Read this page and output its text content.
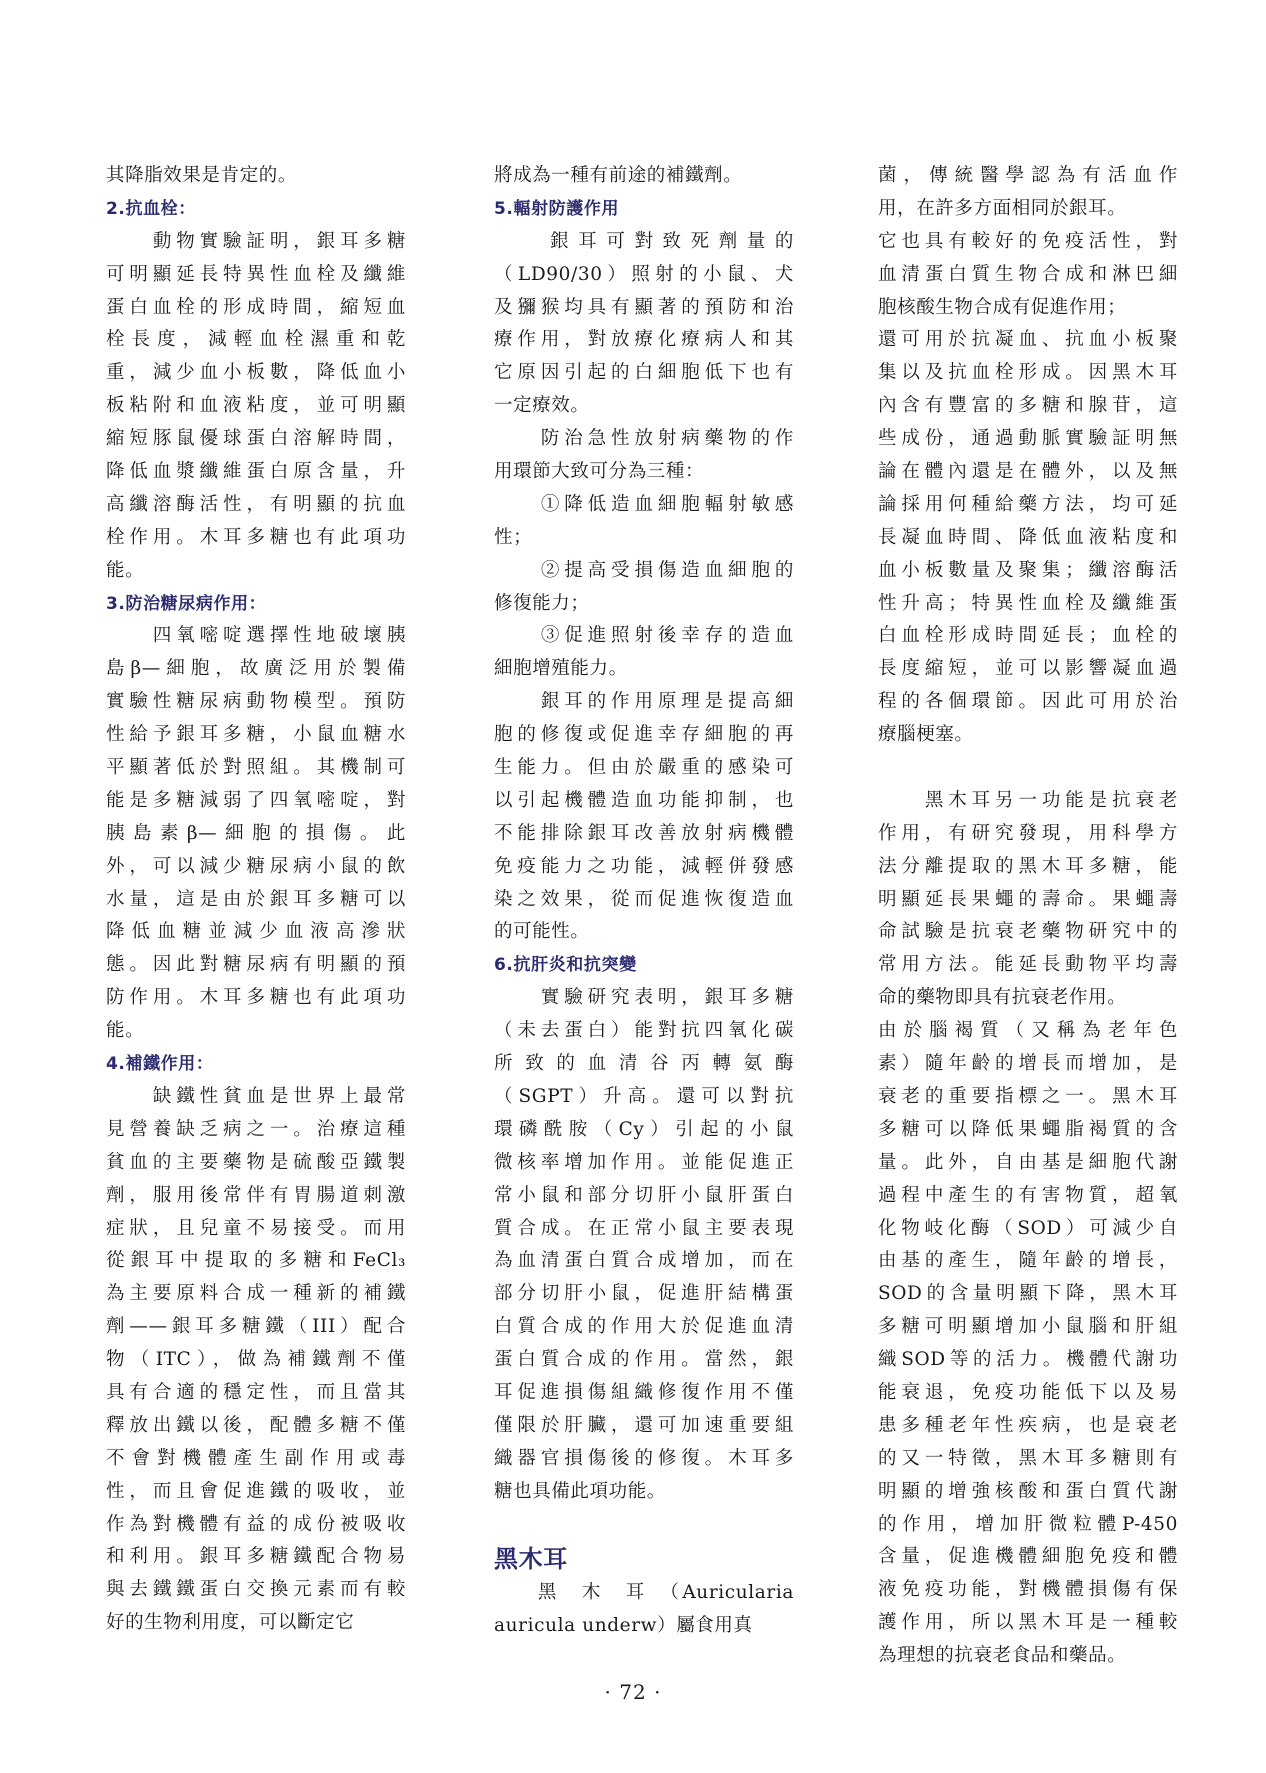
其降脂效果是肯定的。
2.抗血栓：
　　動物實驗証明，銀耳多糖
可明顯延長特異性血栓及纖維
蛋白血栓的形成時間，縮短血
栓長度，減輕血栓濕重和乾
重，減少血小板數，降低血小
板粘附和血液粘度，並可明顯
縮短豚鼠優球蛋白溶解時間，
降低血漿纖維蛋白原含量，升
高纖溶酶活性，有明顯的抗血
栓作用。木耳多糖也有此項功
能。
3.防治糖尿病作用：
　　四氧嘧啶選擇性地破壞胰
島β—細胞，故廣泛用於製備
實驗性糖尿病動物模型。預防
性給予銀耳多糖，小鼠血糖水
平顯著低於對照組。其機制可
能是多糖減弱了四氧嘧啶，對
胰島素β—細胞的損傷。此
外，可以減少糖尿病小鼠的飲
水量，這是由於銀耳多糖可以
降低血糖並減少血液高滲狀
態。因此對糖尿病有明顯的預
防作用。木耳多糖也有此項功
能。
4.補鐵作用：
　　缺鐵性貧血是世界上最常
見營養缺乏病之一。治療這種
貧血的主要藥物是硫酸亞鐵製
劑，服用後常伴有胃腸道刺激
症狀，且兒童不易接受。而用
從銀耳中提取的多糖和FeCl₃
為主要原料合成一種新的補鐵
劑——銀耳多糖鐵（III）配合
物（ITC），做為補鐵劑不僅
具有合適的穩定性，而且當其
釋放出鐵以後，配體多糖不僅
不會對機體產生副作用或毒
性，而且會促進鐵的吸收，並
作為對機體有益的成份被吸收
和利用。銀耳多糖鐵配合物易
與去鐵鐵蛋白交換元素而有較
好的生物利用度，可以斷定它
將成為一種有前途的補鐵劑。
5.輻射防護作用
　　銀耳可對致死劑量的
（LD90/30）照射的小鼠、犬
及獼猴均具有顯著的預防和治
療作用，對放療化療病人和其
它原因引起的白細胞低下也有
一定療效。
　　防治急性放射病藥物的作
用環節大致可分為三種：
　　①降低造血細胞輻射敏感
性；
　　②提高受損傷造血細胞的
修復能力；
　　③促進照射後幸存的造血
細胞增殖能力。
　　銀耳的作用原理是提高細
胞的修復或促進幸存細胞的再
生能力。但由於嚴重的感染可
以引起機體造血功能抑制，也
不能排除銀耳改善放射病機體
免疫能力之功能，減輕併發感
染之效果，從而促進恢復造血
的可能性。
6.抗肝炎和抗突變
　　實驗研究表明，銀耳多糖
（未去蛋白）能對抗四氧化碳
所致的血清谷丙轉氨酶
（SGPT）升高。還可以對抗
環磷酰胺（Cy）引起的小鼠
微核率增加作用。並能促進正
常小鼠和部分切肝小鼠肝蛋白
質合成。在正常小鼠主要表現
為血清蛋白質合成增加，而在
部分切肝小鼠，促進肝結構蛋
白質合成的作用大於促進血清
蛋白質合成的作用。當然，銀
耳促進損傷組織修復作用不僅
僅限於肝臟，還可加速重要組
織器官損傷後的修復。木耳多
糖也具備此項功能。
黑木耳
　　黑　木　耳　（Auricularia
auricula underw）屬食用真
菌，傳統醫學認為有活血作
用，在許多方面相同於銀耳。
它也具有較好的免疫活性，對
血清蛋白質生物合成和淋巴細
胞核酸生物合成有促進作用；
還可用於抗凝血、抗血小板聚
集以及抗血栓形成。因黑木耳
內含有豐富的多糖和腺苷，這
些成份，通過動脈實驗証明無
論在體內還是在體外，以及無
論採用何種給藥方法，均可延
長凝血時間、降低血液粘度和
血小板數量及聚集；纖溶酶活
性升高；特異性血栓及纖維蛋
白血栓形成時間延長；血栓的
長度縮短，並可以影響凝血過
程的各個環節。因此可用於治
療腦梗塞。
　　黑木耳另一功能是抗衰老
作用，有研究發現，用科學方
法分離提取的黑木耳多糖，能
明顯延長果蠅的壽命。果蠅壽
命試驗是抗衰老藥物研究中的
常用方法。能延長動物平均壽
命的藥物即具有抗衰老作用。
由於腦褐質（又稱為老年色
素）隨年齡的增長而增加，是
衰老的重要指標之一。黑木耳
多糖可以降低果蠅脂褐質的含
量。此外，自由基是細胞代謝
過程中產生的有害物質，超氧
化物岐化酶（SOD）可減少自
由基的產生，隨年齡的增長，
SOD的含量明顯下降，黑木耳
多糖可明顯增加小鼠腦和肝組
織SOD等的活力。機體代謝功
能衰退，免疫功能低下以及易
患多種老年性疾病，也是衰老
的又一特徵，黑木耳多糖則有
明顯的增強核酸和蛋白質代謝
的作用，增加肝微粒體P-450
含量，促進機體細胞免疫和體
液免疫功能，對機體損傷有保
護作用，所以黑木耳是一種較
為理想的抗衰老食品和藥品。
· 72 ·
